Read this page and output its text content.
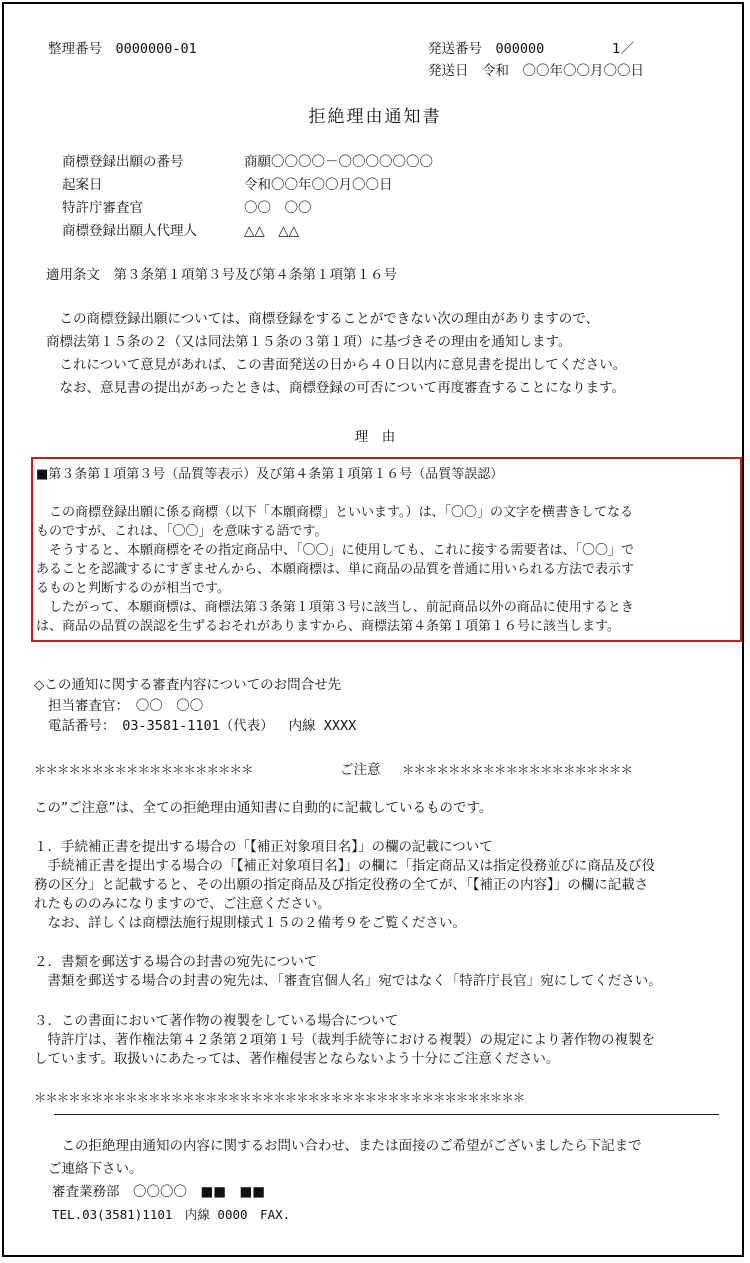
整理番号　 0000000-01	発送番号　 000000	1／
発送日　 令和　〇〇年〇〇月〇〇日
拒絶理由通知書
商標登録出願の番号	商願〇〇〇〇－〇〇〇〇〇〇〇
起案日	令和〇〇年〇〇月〇〇日
特許庁審査官	〇〇　〇〇
商標登録出願人代理人	△△　△△
適用条文　第３条第１項第３号及び第４条第１項第１６号
　この商標登録出願については、商標登録をすることができない次の理由がありますので、
商標法第１５条の２（又は同法第１５条の３第１項）に基づきその理由を通知します。
　これについて意見があれば、この書面発送の日から４０日以内に意見書を提出してください。
　なお、意見書の提出があったときは、商標登録の可否について再度審査することになります。
理　由
■第３条第１項第３号（品質等表示）及び第４条第１項第１６号（品質等誤認）
　この商標登録出願に係る商標（以下「本願商標」といいます。）は、「〇〇」の文字を横書きしてなる
ものですが、これは、「〇〇」を意味する語です。
　そうすると、本願商標をその指定商品中、「〇〇」に使用しても、これに接する需要者は、「〇〇」で
あることを認識するにすぎませんから、本願商標は、単に商品の品質を普通に用いられる方法で表示す
るものと判断するのが相当です。
　したがって、本願商標は、商標法第３条第１項第３号に該当し、前記商品以外の商品に使用するとき
は、商品の品質の誤認を生ずるおそれがありますから、商標法第４条第１項第１６号に該当します。
◇この通知に関する審査内容についてのお問合せ先
担当審査官：　 〇〇　〇〇
電話番号：　 03-3581-1101（代表）　 内線 XXXX
＊＊＊＊＊＊＊＊＊＊＊＊＊＊＊＊＊＊＊	ご注意 ＊＊＊＊＊＊＊＊＊＊＊＊＊＊＊＊＊＊＊＊
この”ご注意”は、全ての拒絶理由通知書に自動的に記載しているものです。
１．手続補正書を提出する場合の「【補正対象項目名】」の欄の記載について
　手続補正書を提出する場合の「【補正対象項目名】」の欄に「指定商品又は指定役務並びに商品及び役
務の区分」と記載すると、その出願の指定商品及び指定役務の全てが、「【補正の内容】」の欄に記載さ
れたもののみになりますので、ご注意ください。
　なお、詳しくは商標法施行規則様式１５の２備考９をご覧ください。
２．書類を郵送する場合の封書の宛先について
　書類を郵送する場合の封書の宛先は、「審査官個人名」宛ではなく「特許庁長官」宛にしてください。
３．この書面において著作物の複製をしている場合について
　特許庁は、著作権法第４２条第２項第１号（裁判手続等における複製）の規定により著作物の複製を
しています。取扱いにあたっては、著作権侵害とならないよう十分にご注意ください。
＊＊＊＊＊＊＊＊＊＊＊＊＊＊＊＊＊＊＊＊＊＊＊＊＊＊＊＊＊＊＊＊＊＊＊＊＊＊＊＊＊＊＊
　この拒絶理由通知の内容に関するお問い合わせ、または面接のご希望がございましたら下記まで
ご連絡下さい。
審査業務部　〇〇〇〇　■■　■■
TEL.03(3581)1101　内線 0000　FAX.
